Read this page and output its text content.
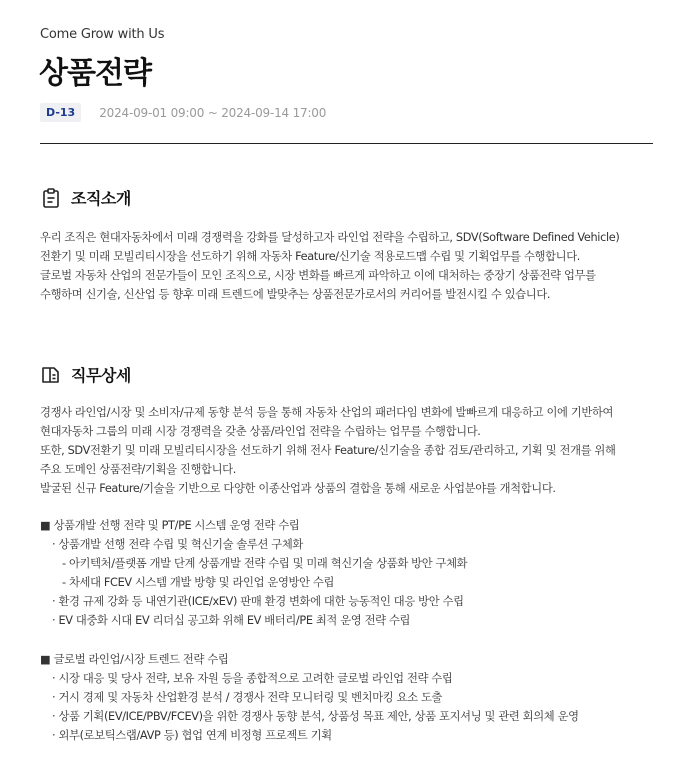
Come Grow with Us
상품전략
D-13	2024-09-01 09:00 ~ 2024-09-14 17:00
조직소개
우리 조직은 현대자동차에서 미래 경쟁력을 강화를 달성하고자 라인업 전략을 수립하고, SDV(Software Defined Vehicle)
전환기 및 미래 모빌리티시장을 선도하기 위해 자동차 Feature/신기술 적용로드맵 수립 및 기획업무를 수행합니다.
글로벌 자동차 산업의 전문가들이 모인 조직으로, 시장 변화를 빠르게 파악하고 이에 대처하는 중장기 상품전략 업무를
수행하며 신기술, 신산업 등 향후 미래 트렌드에 발맞추는 상품전문가로서의 커리어를 발전시킬 수 있습니다.
직무상세
경쟁사 라인업/시장 및 소비자/규제 동향 분석 등을 통해 자동차 산업의 패러다임 변화에 발빠르게 대응하고 이에 기반하여
현대자동차 그룹의 미래 시장 경쟁력을 갖춘 상품/라인업 전략을 수립하는 업무를 수행합니다.
또한, SDV전환기 및 미래 모빌리티시장을 선도하기 위해 전사 Feature/신기술을 종합 검토/관리하고, 기획 및 전개를 위해
주요 도메인 상품전략/기획을 진행합니다.
발굴된 신규 Feature/기술을 기반으로 다양한 이종산업과 상품의 결합을 통해 새로운 사업분야를 개척합니다.
■ 상품개발 선행 전략 및 PT/PE 시스템 운영 전략 수립
· 상품개발 선행 전략 수립 및 혁신기술 솔루션 구체화
- 아키텍처/플랫폼 개발 단계 상품개발 전략 수립 및 미래 혁신기술 상품화 방안 구체화
- 차세대 FCEV 시스템 개발 방향 및 라인업 운영방안 수립
· 환경 규제 강화 등 내연기관(ICE/xEV) 판매 환경 변화에 대한 능동적인 대응 방안 수립
· EV 대중화 시대 EV 리더십 공고화 위해 EV 배터리/PE 최적 운영 전략 수립
■ 글로벌 라인업/시장 트렌드 전략 수립
· 시장 대응 및 당사 전략, 보유 자원 등을 종합적으로 고려한 글로벌 라인업 전략 수립
· 거시 경제 및 자동차 산업환경 분석 / 경쟁사 전략 모니터링 및 벤치마킹 요소 도출
· 상품 기획(EV/ICE/PBV/FCEV)을 위한 경쟁사 동향 분석, 상품성 목표 제안, 상품 포지셔닝 및 관련 회의체 운영
· 외부(로보틱스랩/AVP 등) 협업 연계 비정형 프로젝트 기획
